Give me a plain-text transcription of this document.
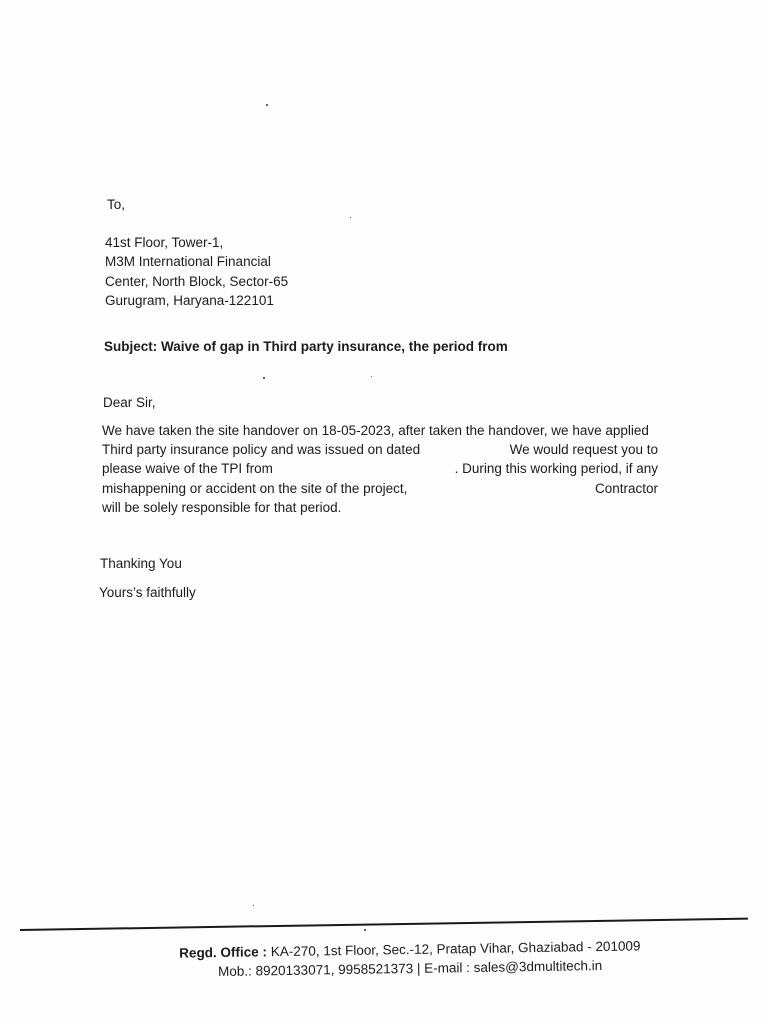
To,

41st Floor, Tower-1,
M3M International Financial
Center, North Block, Sector-65
Gurugram, Haryana-122101

Subject: Waive of gap in Third party insurance, the period from

Dear Sir,

We have taken the site handover on 18-05-2023, after taken the handover, we have applied
Third party insurance policy and was issued on dated	We would request you to
please waive of the TPI from	. During this working period, if any
mishappening or accident on the site of the project,	Contractor
will be solely responsible for that period.

Thanking You

Yours’s faithfully

Regd. Office : KA-270, 1st Floor, Sec.-12, Pratap Vihar, Ghaziabad - 201009
Mob.: 8920133071, 9958521373 | E-mail : sales@3dmultitech.in
